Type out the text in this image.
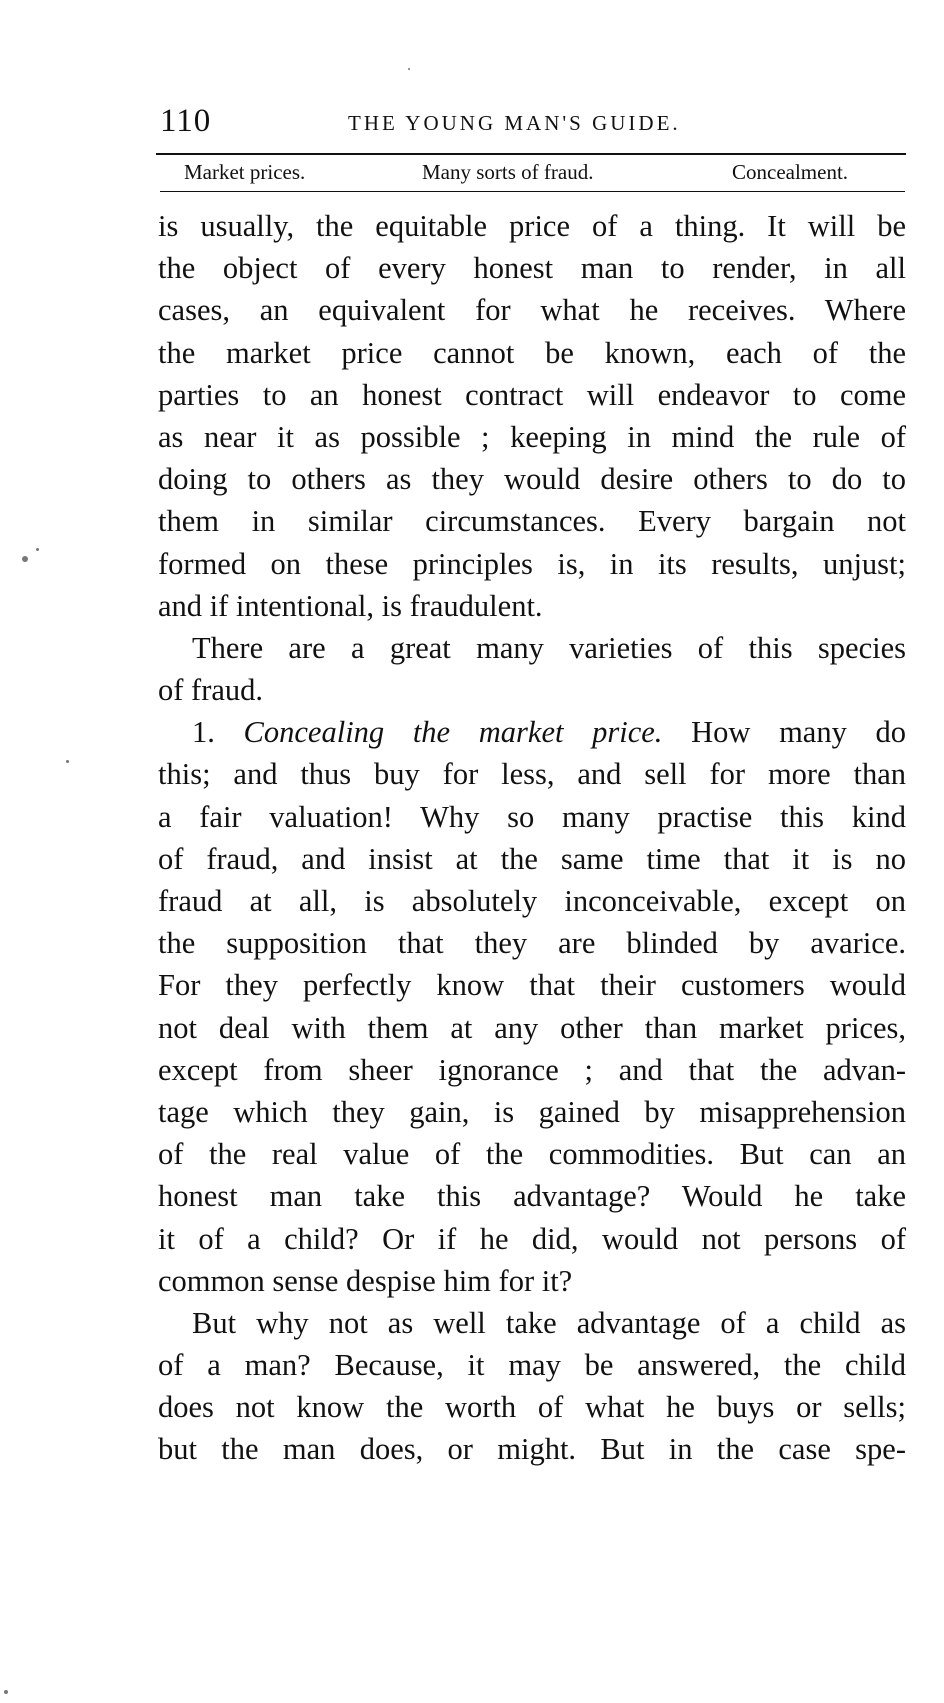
110	THE YOUNG MAN'S GUIDE.
Market prices.	Many sorts of fraud.	Concealment.
is usually, the equitable price of a thing. It will be
the object of every honest man to render, in all
cases, an equivalent for what he receives. Where
the market price cannot be known, each of the
parties to an honest contract will endeavor to come
as near it as possible ; keeping in mind the rule of
doing to others as they would desire others to do to
them in similar circumstances. Every bargain not
formed on these principles is, in its results, unjust;
and if intentional, is fraudulent.
There are a great many varieties of this species
of fraud.
1. Concealing the market price. How many do
this; and thus buy for less, and sell for more than
a fair valuation! Why so many practise this kind
of fraud, and insist at the same time that it is no
fraud at all, is absolutely inconceivable, except on
the supposition that they are blinded by avarice.
For they perfectly know that their customers would
not deal with them at any other than market prices,
except from sheer ignorance ; and that the advan-
tage which they gain, is gained by misapprehension
of the real value of the commodities. But can an
honest man take this advantage? Would he take
it of a child? Or if he did, would not persons of
common sense despise him for it?
But why not as well take advantage of a child as
of a man? Because, it may be answered, the child
does not know the worth of what he buys or sells;
but the man does, or might. But in the case spe-
